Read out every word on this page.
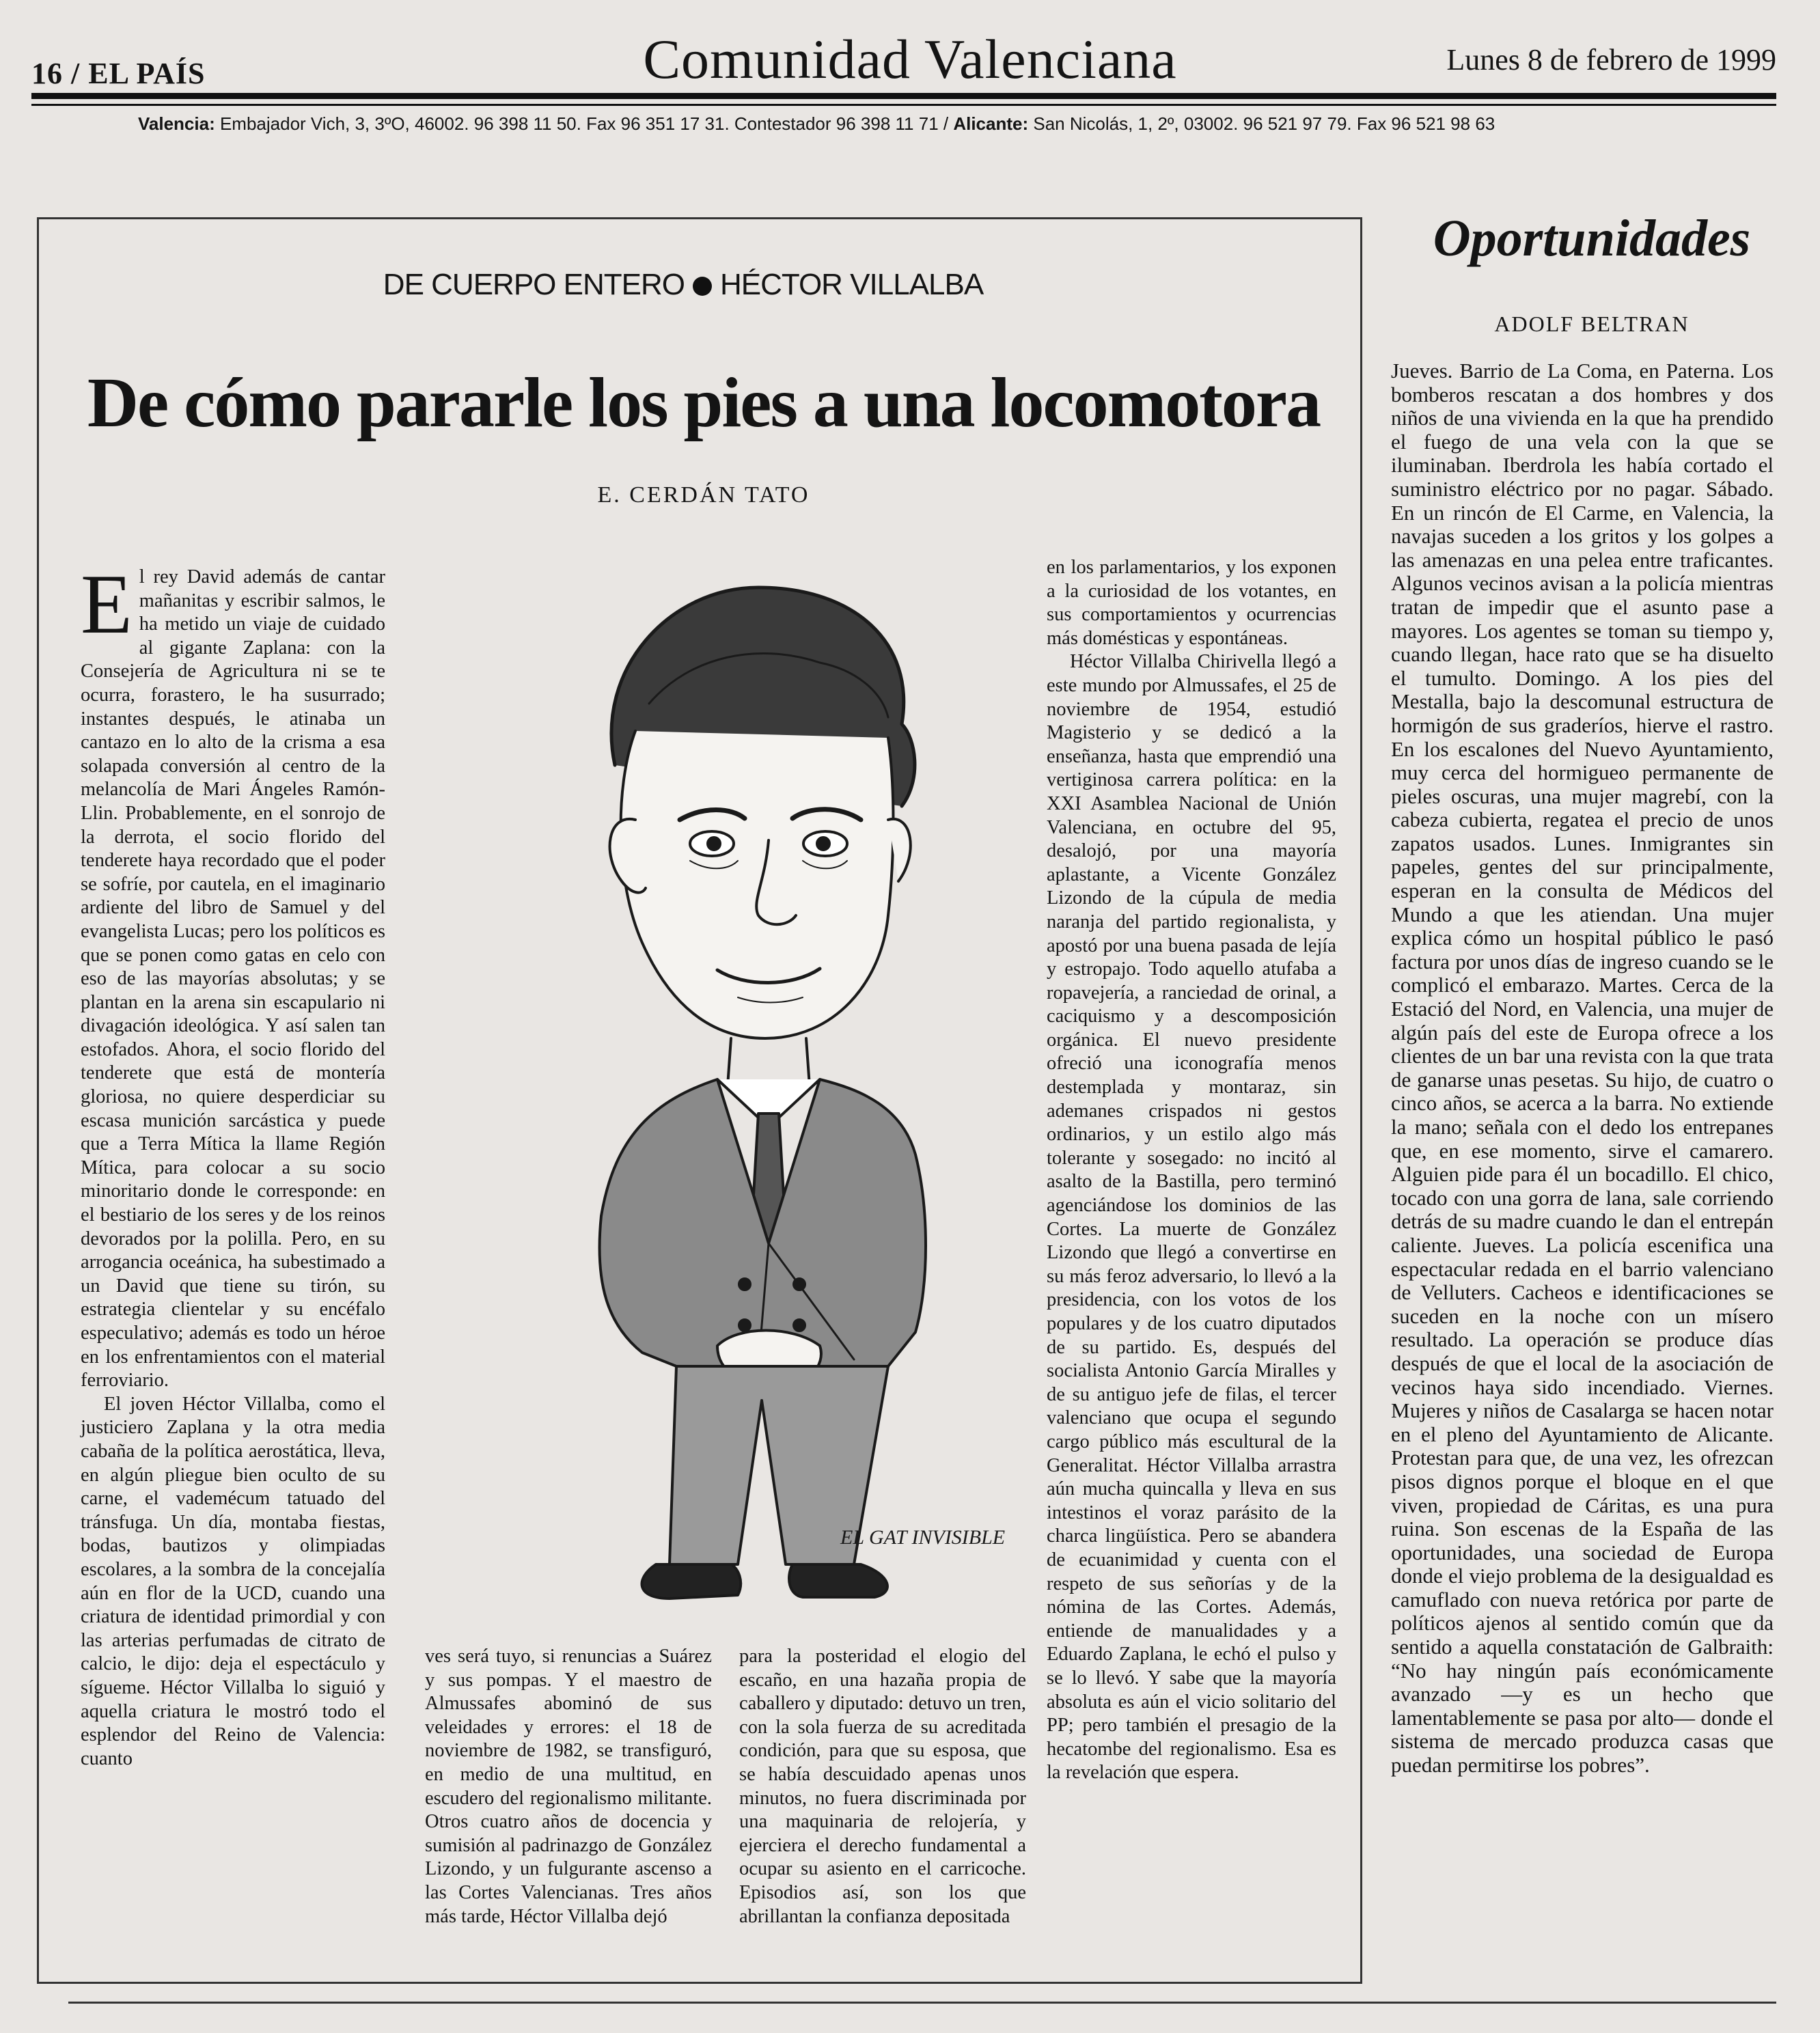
16 / EL PAÍS	Comunidad Valenciana	Lunes 8 de febrero de 1999
Valencia: Embajador Vich, 3, 3ºO, 46002. 96 398 11 50. Fax 96 351 17 31. Contestador 96 398 11 71 / Alicante: San Nicolás, 1, 2º, 03002. 96 521 97 79. Fax 96 521 98 63
DE CUERPO ENTERO HÉCTOR VILLALBA
De cómo pararle los pies a una locomotora
E. CERDÁN TATO

El rey David además de cantar mañanitas y escribir salmos, le ha metido un viaje de cuidado al gigante Zaplana: con la Consejería de Agricultura ni se te ocurra, forastero, le ha susurrado; instantes después, le atinaba un cantazo en lo alto de la crisma a esa solapada conversión al centro de la melancolía de Mari Ángeles Ramón-Llin. Probablemente, en el sonrojo de la derrota, el socio florido del tenderete haya recordado que el poder se sofríe, por cautela, en el imaginario ardiente del libro de Samuel y del evangelista Lucas; pero los políticos es que se ponen como gatas en celo con eso de las mayorías absolutas; y se plantan en la arena sin escapulario ni divagación ideológica. Y así salen tan estofados. Ahora, el socio florido del tenderete que está de montería gloriosa, no quiere desperdiciar su escasa munición sarcástica y puede que a Terra Mítica la llame Región Mítica, para colocar a su socio minoritario donde le corresponde: en el bestiario de los seres y de los reinos devorados por la polilla. Pero, en su arrogancia oceánica, ha subestimado a un David que tiene su tirón, su estrategia clientelar y su encéfalo especulativo; además es todo un héroe en los enfrentamientos con el material ferroviario.

El joven Héctor Villalba, como el justiciero Zaplana y la otra media cabaña de la política aerostática, lleva, en algún pliegue bien oculto de su carne, el vademécum tatuado del tránsfuga. Un día, montaba fiestas, bodas, bautizos y olimpiadas escolares, a la sombra de la concejalía aún en flor de la UCD, cuando una criatura de identidad primordial y con las arterias perfumadas de citrato de calcio, le dijo: deja el espectáculo y sígueme. Héctor Villalba lo siguió y aquella criatura le mostró todo el esplendor del Reino de Valencia: cuanto

ves será tuyo, si renuncias a Suárez y sus pompas. Y el maestro de Almussafes abominó de sus veleidades y errores: el 18 de noviembre de 1982, se transfiguró, en medio de una multitud, en escudero del regionalismo militante. Otros cuatro años de docencia y sumisión al padrinazgo de González Lizondo, y un fulgurante ascenso a las Cortes Valencianas. Tres años más tarde, Héctor Villalba dejó

para la posteridad el elogio del escaño, en una hazaña propia de caballero y diputado: detuvo un tren, con la sola fuerza de su acreditada condición, para que su esposa, que se había descuidado apenas unos minutos, no fuera discriminada por una maquinaria de relojería, y ejerciera el derecho fundamental a ocupar su asiento en el carricoche. Episodios así, son los que abrillantan la confianza depositada

en los parlamentarios, y los exponen a la curiosidad de los votantes, en sus comportamientos y ocurrencias más domésticas y espontáneas.

Héctor Villalba Chirivella llegó a este mundo por Almussafes, el 25 de noviembre de 1954, estudió Magisterio y se dedicó a la enseñanza, hasta que emprendió una vertiginosa carrera política: en la XXI Asamblea Nacional de Unión Valenciana, en octubre del 95, desalojó, por una mayoría aplastante, a Vicente González Lizondo de la cúpula de media naranja del partido regionalista, y apostó por una buena pasada de lejía y estropajo. Todo aquello atufaba a ropavejería, a ranciedad de orinal, a caciquismo y a descomposición orgánica. El nuevo presidente ofreció una iconografía menos destemplada y montaraz, sin ademanes crispados ni gestos ordinarios, y un estilo algo más tolerante y sosegado: no incitó al asalto de la Bastilla, pero terminó agenciándose los dominios de las Cortes. La muerte de González Lizondo que llegó a convertirse en su más feroz adversario, lo llevó a la presidencia, con los votos de los populares y de los cuatro diputados de su partido. Es, después del socialista Antonio García Miralles y de su antiguo jefe de filas, el tercer valenciano que ocupa el segundo cargo público más escultural de la Generalitat. Héctor Villalba arrastra aún mucha quincalla y lleva en sus intestinos el voraz parásito de la charca lingüística. Pero se abandera de ecuanimidad y cuenta con el respeto de sus señorías y de la nómina de las Cortes. Además, entiende de manualidades y a Eduardo Zaplana, le echó el pulso y se lo llevó. Y sabe que la mayoría absoluta es aún el vicio solitario del PP; pero también el presagio de la hecatombe del regionalismo. Esa es la revelación que espera.

EL GAT INVISIBLE
Oportunidades
ADOLF BELTRAN

Jueves. Barrio de La Coma, en Paterna. Los bomberos rescatan a dos hombres y dos niños de una vivienda en la que ha prendido el fuego de una vela con la que se iluminaban. Iberdrola les había cortado el suministro eléctrico por no pagar. Sábado. En un rincón de El Carme, en Valencia, la navajas suceden a los gritos y los golpes a las amenazas en una pelea entre traficantes. Algunos vecinos avisan a la policía mientras tratan de impedir que el asunto pase a mayores. Los agentes se toman su tiempo y, cuando llegan, hace rato que se ha disuelto el tumulto. Domingo. A los pies del Mestalla, bajo la descomunal estructura de hormigón de sus graderíos, hierve el rastro. En los escalones del Nuevo Ayuntamiento, muy cerca del hormigueo permanente de pieles oscuras, una mujer magrebí, con la cabeza cubierta, regatea el precio de unos zapatos usados. Lunes. Inmigrantes sin papeles, gentes del sur principalmente, esperan en la consulta de Médicos del Mundo a que les atiendan. Una mujer explica cómo un hospital público le pasó factura por unos días de ingreso cuando se le complicó el embarazo. Martes. Cerca de la Estació del Nord, en Valencia, una mujer de algún país del este de Europa ofrece a los clientes de un bar una revista con la que trata de ganarse unas pesetas. Su hijo, de cuatro o cinco años, se acerca a la barra. No extiende la mano; señala con el dedo los entrepanes que, en ese momento, sirve el camarero. Alguien pide para él un bocadillo. El chico, tocado con una gorra de lana, sale corriendo detrás de su madre cuando le dan el entrepán caliente. Jueves. La policía escenifica una espectacular redada en el barrio valenciano de Velluters. Cacheos e identificaciones se suceden en la noche con un mísero resultado. La operación se produce días después de que el local de la asociación de vecinos haya sido incendiado. Viernes. Mujeres y niños de Casalarga se hacen notar en el pleno del Ayuntamiento de Alicante. Protestan para que, de una vez, les ofrezcan pisos dignos porque el bloque en el que viven, propiedad de Cáritas, es una pura ruina. Son escenas de la España de las oportunidades, una sociedad de Europa donde el viejo problema de la desigualdad es camuflado con nueva retórica por parte de políticos ajenos al sentido común que da sentido a aquella constatación de Galbraith: “No hay ningún país económicamente avanzado —y es un hecho que lamentablemente se pasa por alto— donde el sistema de mercado produzca casas que puedan permitirse los pobres”.
